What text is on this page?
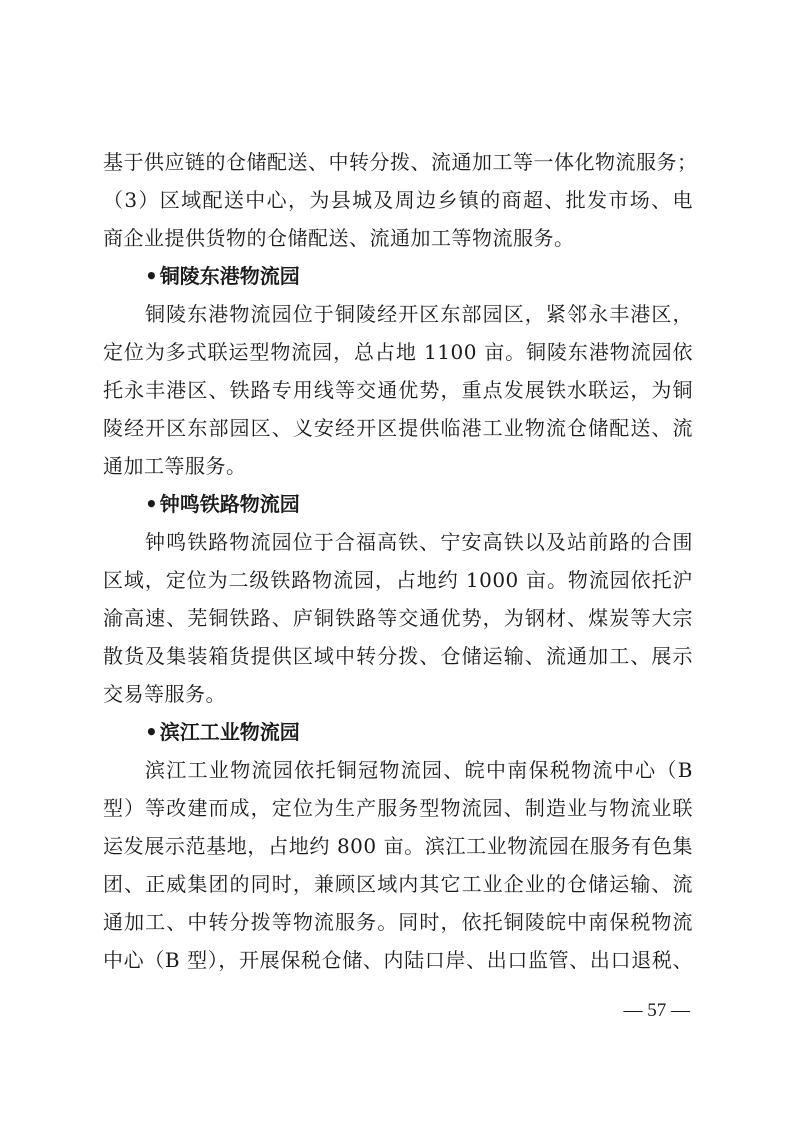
基于供应链的仓储配送、中转分拨、流通加工等一体化物流服务；
（3）区域配送中心，为县城及周边乡镇的商超、批发市场、电
商企业提供货物的仓储配送、流通加工等物流服务。
• 铜陵东港物流园
铜陵东港物流园位于铜陵经开区东部园区，紧邻永丰港区，
定位为多式联运型物流园，总占地 1100 亩。铜陵东港物流园依
托永丰港区、铁路专用线等交通优势，重点发展铁水联运，为铜
陵经开区东部园区、义安经开区提供临港工业物流仓储配送、流
通加工等服务。
• 钟鸣铁路物流园
钟鸣铁路物流园位于合福高铁、宁安高铁以及站前路的合围
区域，定位为二级铁路物流园，占地约 1000 亩。物流园依托沪
渝高速、芜铜铁路、庐铜铁路等交通优势，为钢材、煤炭等大宗
散货及集装箱货提供区域中转分拨、仓储运输、流通加工、展示
交易等服务。
• 滨江工业物流园
滨江工业物流园依托铜冠物流园、皖中南保税物流中心（B
型）等改建而成，定位为生产服务型物流园、制造业与物流业联
运发展示范基地，占地约 800 亩。滨江工业物流园在服务有色集
团、正威集团的同时，兼顾区域内其它工业企业的仓储运输、流
通加工、中转分拨等物流服务。同时，依托铜陵皖中南保税物流
中心（B 型），开展保税仓储、内陆口岸、出口监管、出口退税、
— 57 —
